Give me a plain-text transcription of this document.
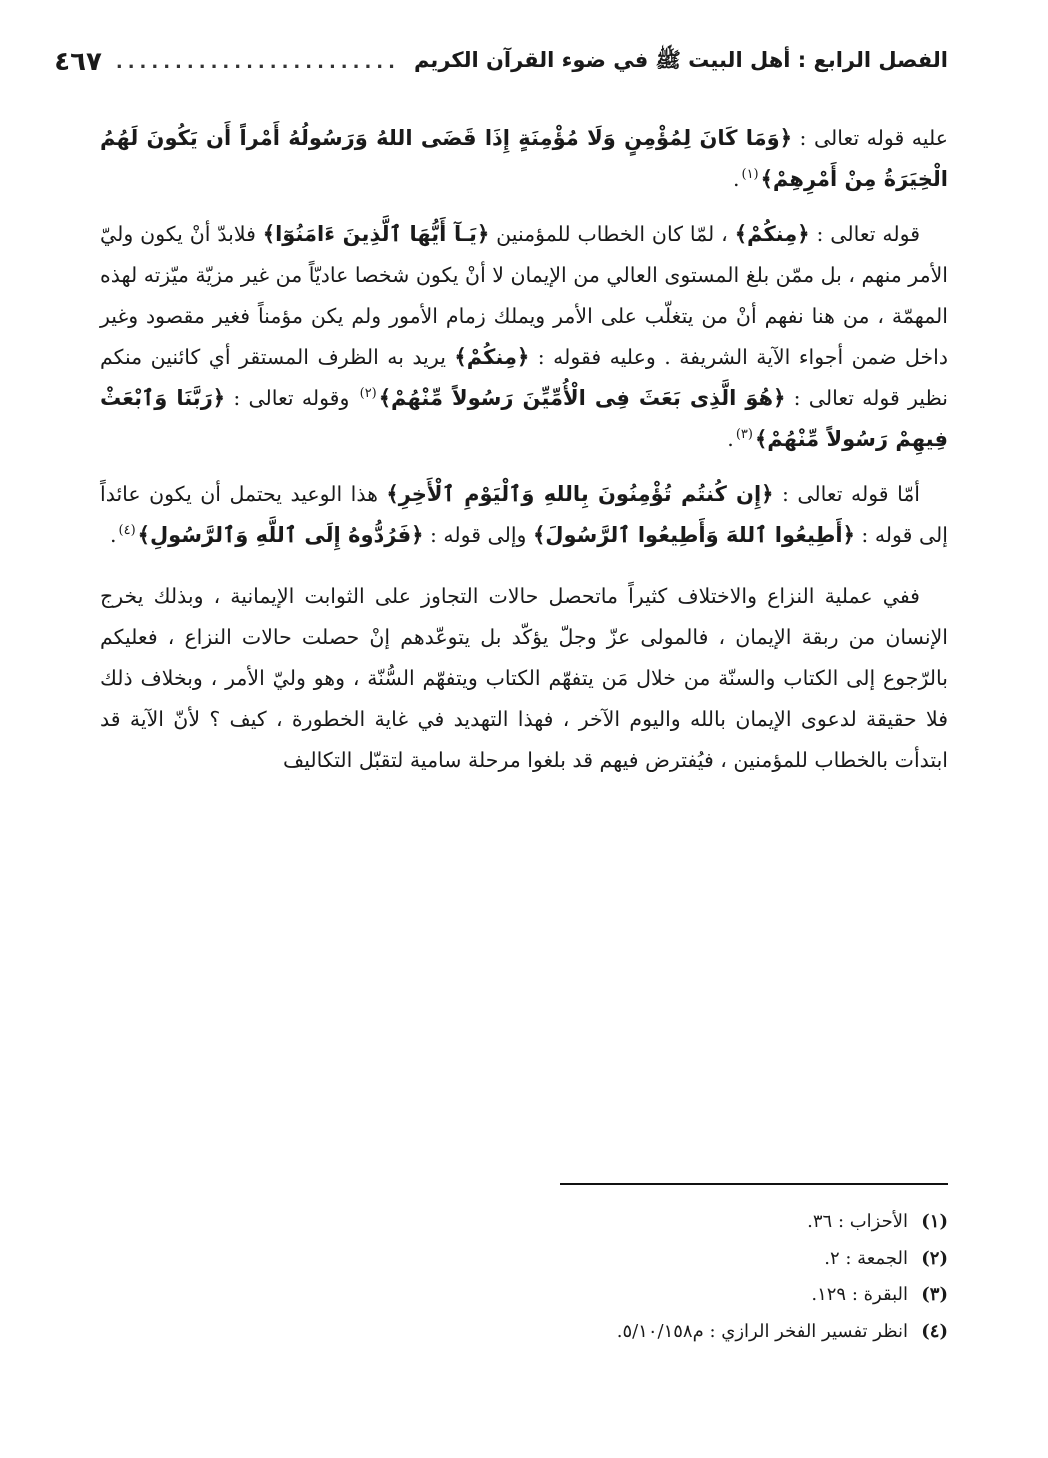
الفصل الرابع : أهل البيت ﷺ في ضوء القرآن الكريم
........................
٤٦٧

عليه قوله تعالى : ﴿وَمَا كَانَ لِمُؤْمِنٍ وَلَا مُؤْمِنَةٍ إِذَا قَضَى اللهُ وَرَسُولُهُ أَمْراً أَن يَكُونَ لَهُمُ الْخِيَرَةُ مِنْ أَمْرِهِمْ﴾$^{(١)}$.

قوله تعالى : ﴿مِنكُمْ﴾ ، لمّا كان الخطاب للمؤمنين ﴿يَـآ أَيُّهَا ٱلَّذِينَ ءَامَنُوٓا﴾ فلابدّ أنْ يكون وليّ الأمر منهم ، بل ممّن بلغ المستوى العالي من الإيمان لا أنْ يكون شخصا عاديّاً من غير مزيّة ميّزته لهذه المهمّة ، من هنا نفهم أنْ من يتغلّب على الأمر ويملك زمام الأمور ولم يكن مؤمناً فغير مقصود وغير داخل ضمن أجواء الآية الشريفة . وعليه فقوله : ﴿مِنكُمْ﴾ يريد به الظرف المستقر أي كائنين منكم نظير قوله تعالى : ﴿هُوَ الَّذِى بَعَثَ فِى الْأُمِّيِّنَ رَسُولاً مِّنْهُمْ﴾$^{(٢)}$ وقوله تعالى : ﴿رَبَّنَا وَٱبْعَثْ فِيهِمْ رَسُولاً مِّنْهُمْ﴾$^{(٣)}$.

أمّا قوله تعالى : ﴿إِن كُنتُم تُؤْمِنُونَ بِاللهِ وَٱلْيَوْمِ ٱلْأَخِرِ﴾ هذا الوعيد يحتمل أن يكون عائداً إلى قوله : ﴿أَطِيعُوا ٱللهَ وَأَطِيعُوا ٱلرَّسُولَ﴾ وإلى قوله : ﴿فَرُدُّوهُ إِلَى ٱللَّهِ وَٱلرَّسُولِ﴾$^{(٤)}$.

ففي عملية النزاع والاختلاف كثيراً ماتحصل حالات التجاوز على الثوابت الإيمانية ، وبذلك يخرج الإنسان من ربقة الإيمان ، فالمولى عزّ وجلّ يؤكّد بل يتوعّدهم إنْ حصلت حالات النزاع ، فعليكم بالرّجوع إلى الكتاب والسنّة من خلال مَن يتفهّم الكتاب ويتفهّم السُّنّة ، وهو وليّ الأمر ، وبخلاف ذلك فلا حقيقة لدعوى الإيمان بالله واليوم الآخر ، فهذا التهديد في غاية الخطورة ، كيف ؟ لأنّ الآية قد ابتدأت بالخطاب للمؤمنين ، فيُفترض فيهم قد بلغوا مرحلة سامية لتقبّل التكاليف

(١)
الأحزاب : ٣٦.
(٢)
الجمعة : ٢.
(٣)
البقرة : ١٢٩.
(٤)
انظر تفسير الفخر الرازي : م٥/١٠/١٥٨.
